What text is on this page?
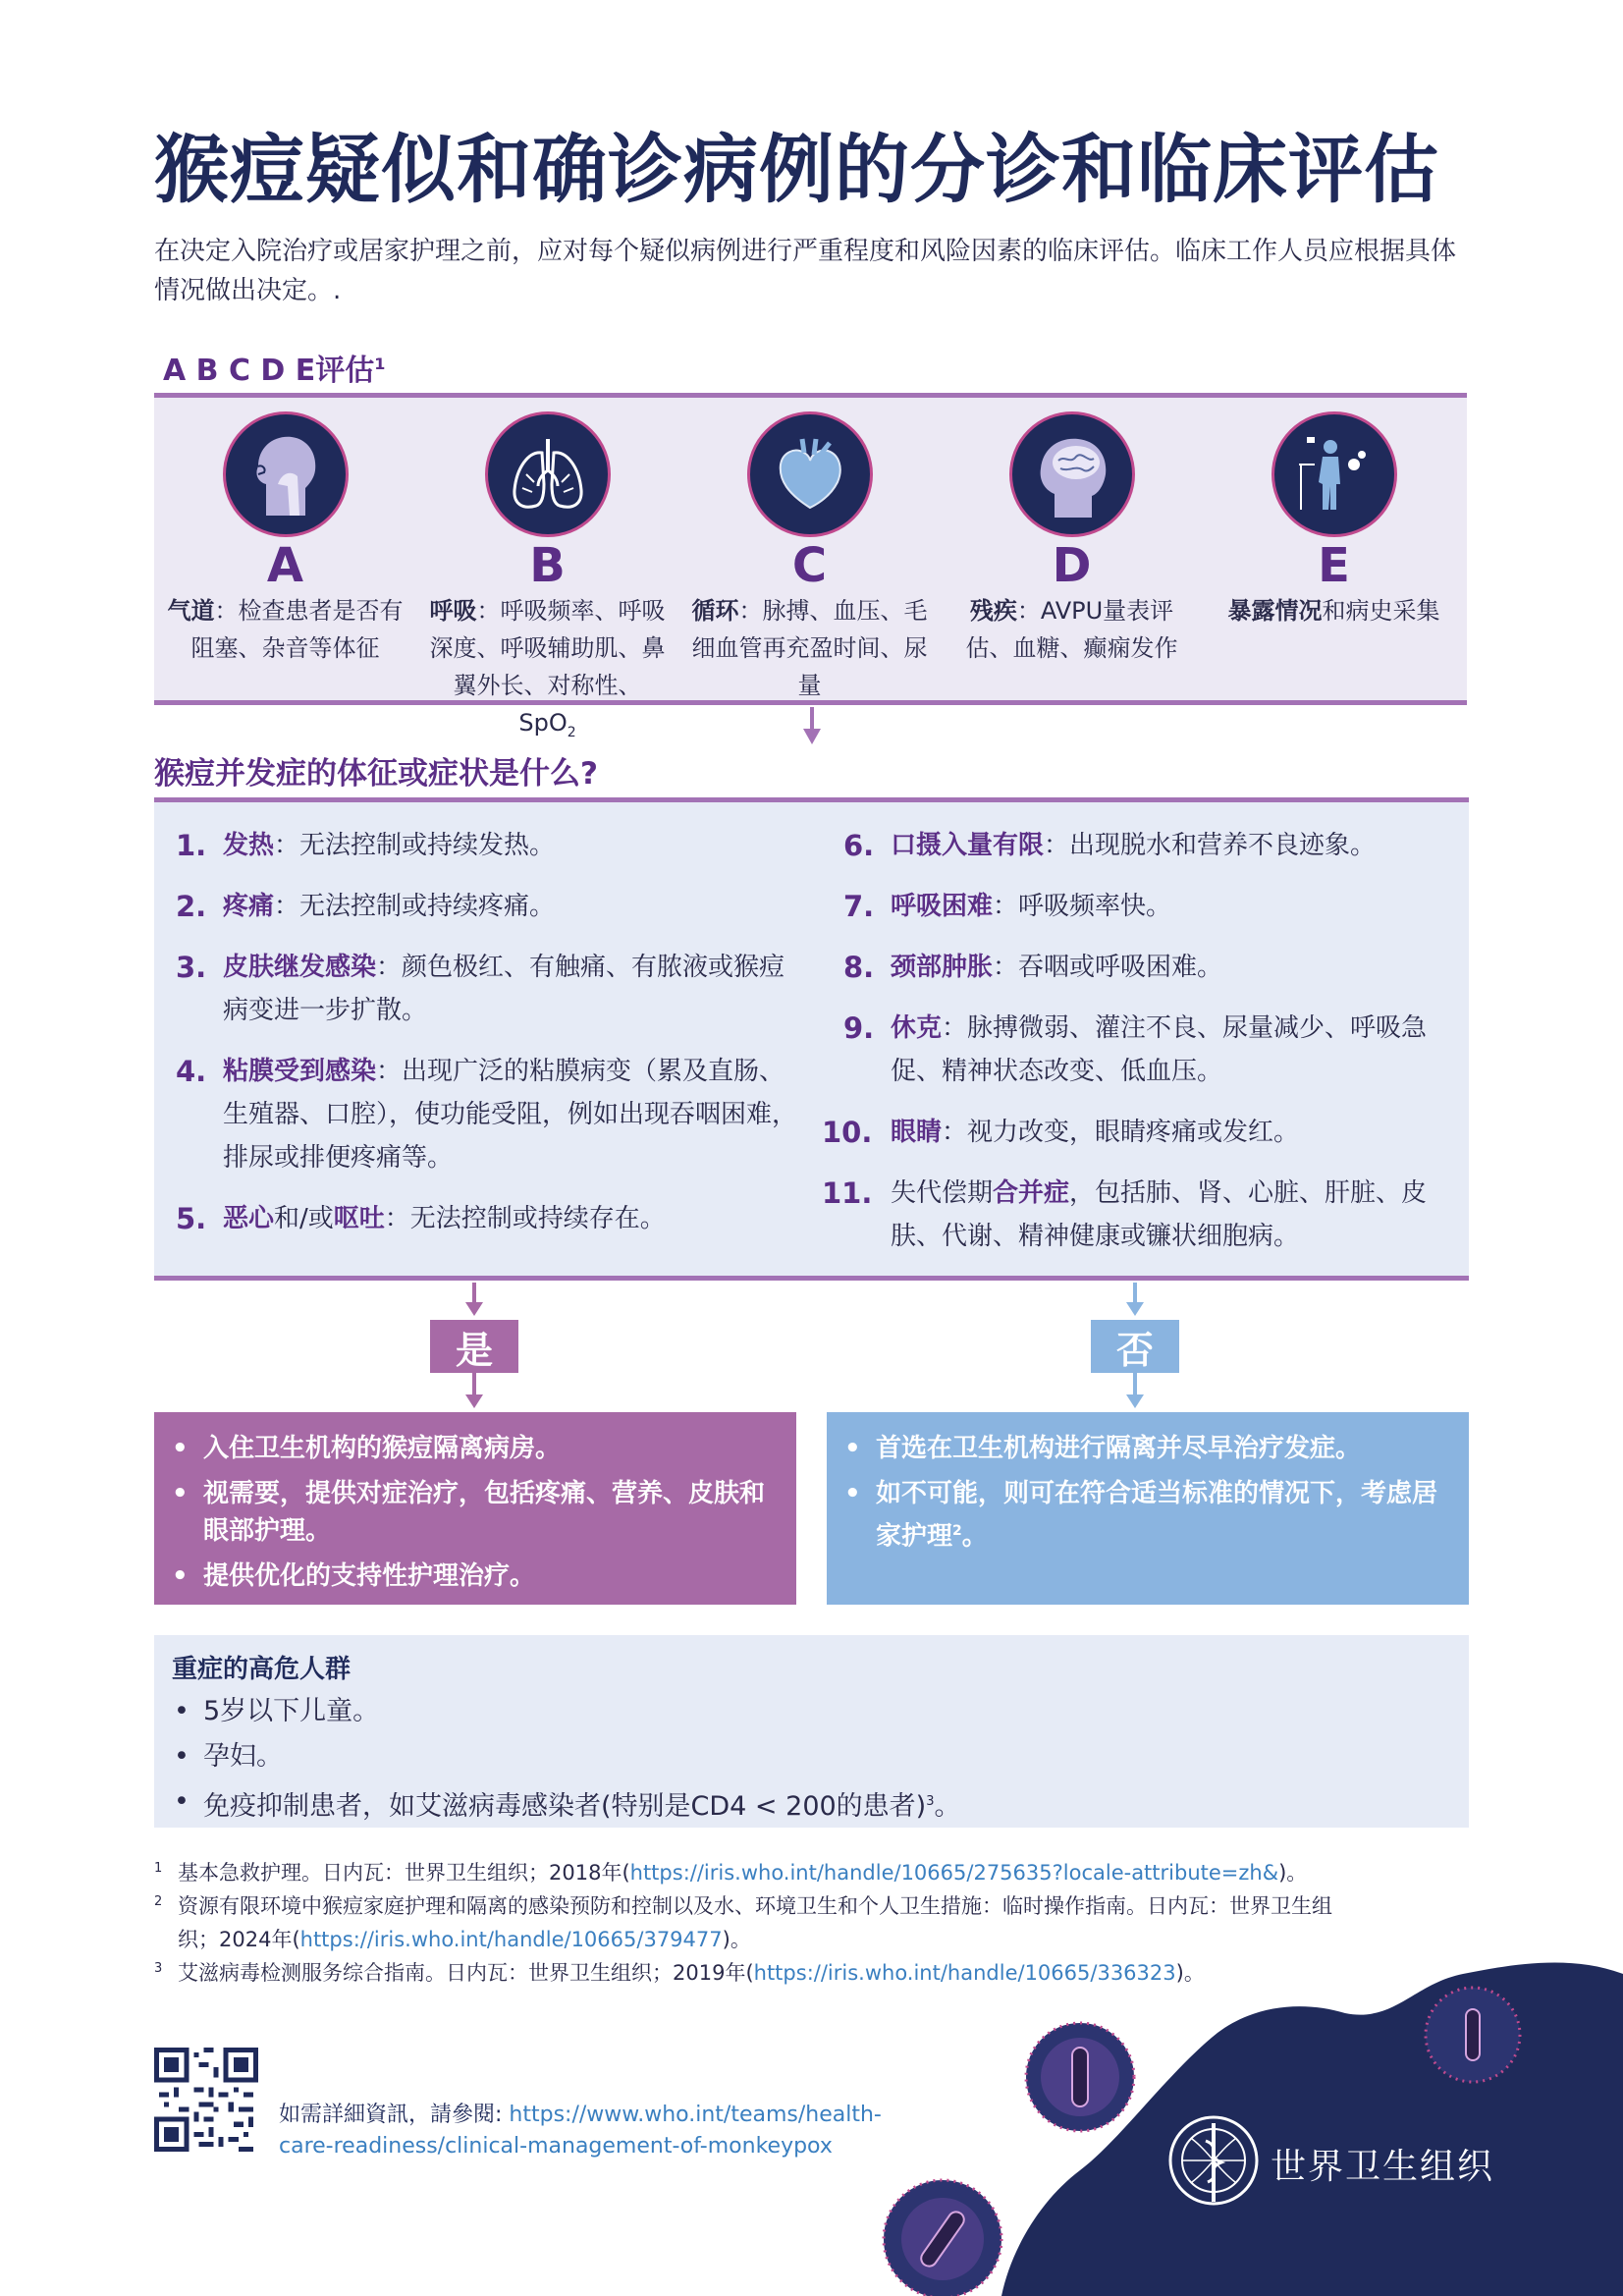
猴痘疑似和确诊病例的分诊和临床评估

在决定入院治疗或居家护理之前，应对每个疑似病例进行严重程度和风险因素的临床评估。临床工作人员应根据具体情况做出决定。.

A B C D E评估$^1$
A
气道：检查患者是否有阻塞、杂音等体征
B
呼吸：呼吸频率、呼吸深度、呼吸辅助肌、鼻翼外长、对称性、SpO$_2$
C
循环：脉搏、血压、毛细血管再充盈时间、尿量
D
残疾：AVPU量表评估、血糖、癫痫发作
E
暴露情况和病史采集
猴痘并发症的体征或症状是什么?
1. 发热：无法控制或持续发热。
2. 疼痛：无法控制或持续疼痛。
3. 皮肤继发感染：颜色极红、有触痛、有脓液或猴痘病变进一步扩散。
4. 粘膜受到感染：出现广泛的粘膜病变（累及直肠、生殖器、口腔），使功能受阻，例如出现吞咽困难，排尿或排便疼痛等。
5. 恶心和/或呕吐：无法控制或持续存在。
6. 口摄入量有限：出现脱水和营养不良迹象。
7. 呼吸困难：呼吸频率快。
8. 颈部肿胀：吞咽或呼吸困难。
9. 休克：脉搏微弱、灌注不良、尿量减少、呼吸急促、精神状态改变、低血压。
10. 眼睛：视力改变，眼睛疼痛或发红。
11. 失代偿期合并症，包括肺、肾、心脏、肝脏、皮肤、代谢、精神健康或镰状细胞病。
是	否
• 入住卫生机构的猴痘隔离病房。
• 视需要，提供对症治疗，包括疼痛、营养、皮肤和眼部护理。
• 提供优化的支持性护理治疗。
• 首选在卫生机构进行隔离并尽早治疗发症。
• 如不可能，则可在符合适当标准的情况下，考虑居家护理$^2$。
重症的高危人群
• 5岁以下儿童。
• 孕妇。
• 免疫抑制患者，如艾滋病毒感染者(特别是CD4 < 200的患者)$^3$。
1 基本急救护理。日内瓦：世界卫生组织；2018年(https://iris.who.int/handle/10665/275635?locale-attribute=zh&)。
2 资源有限环境中猴痘家庭护理和隔离的感染预防和控制以及水、环境卫生和个人卫生措施：临时操作指南。日内瓦：世界卫生组织；2024年(https://iris.who.int/handle/10665/379477)。
3 艾滋病毒检测服务综合指南。日内瓦：世界卫生组织；2019年(https://iris.who.int/handle/10665/336323)。
如需詳細資訊，請參閱: https://www.who.int/teams/health-care-readiness/clinical-management-of-monkeypox
世界卫生组织
